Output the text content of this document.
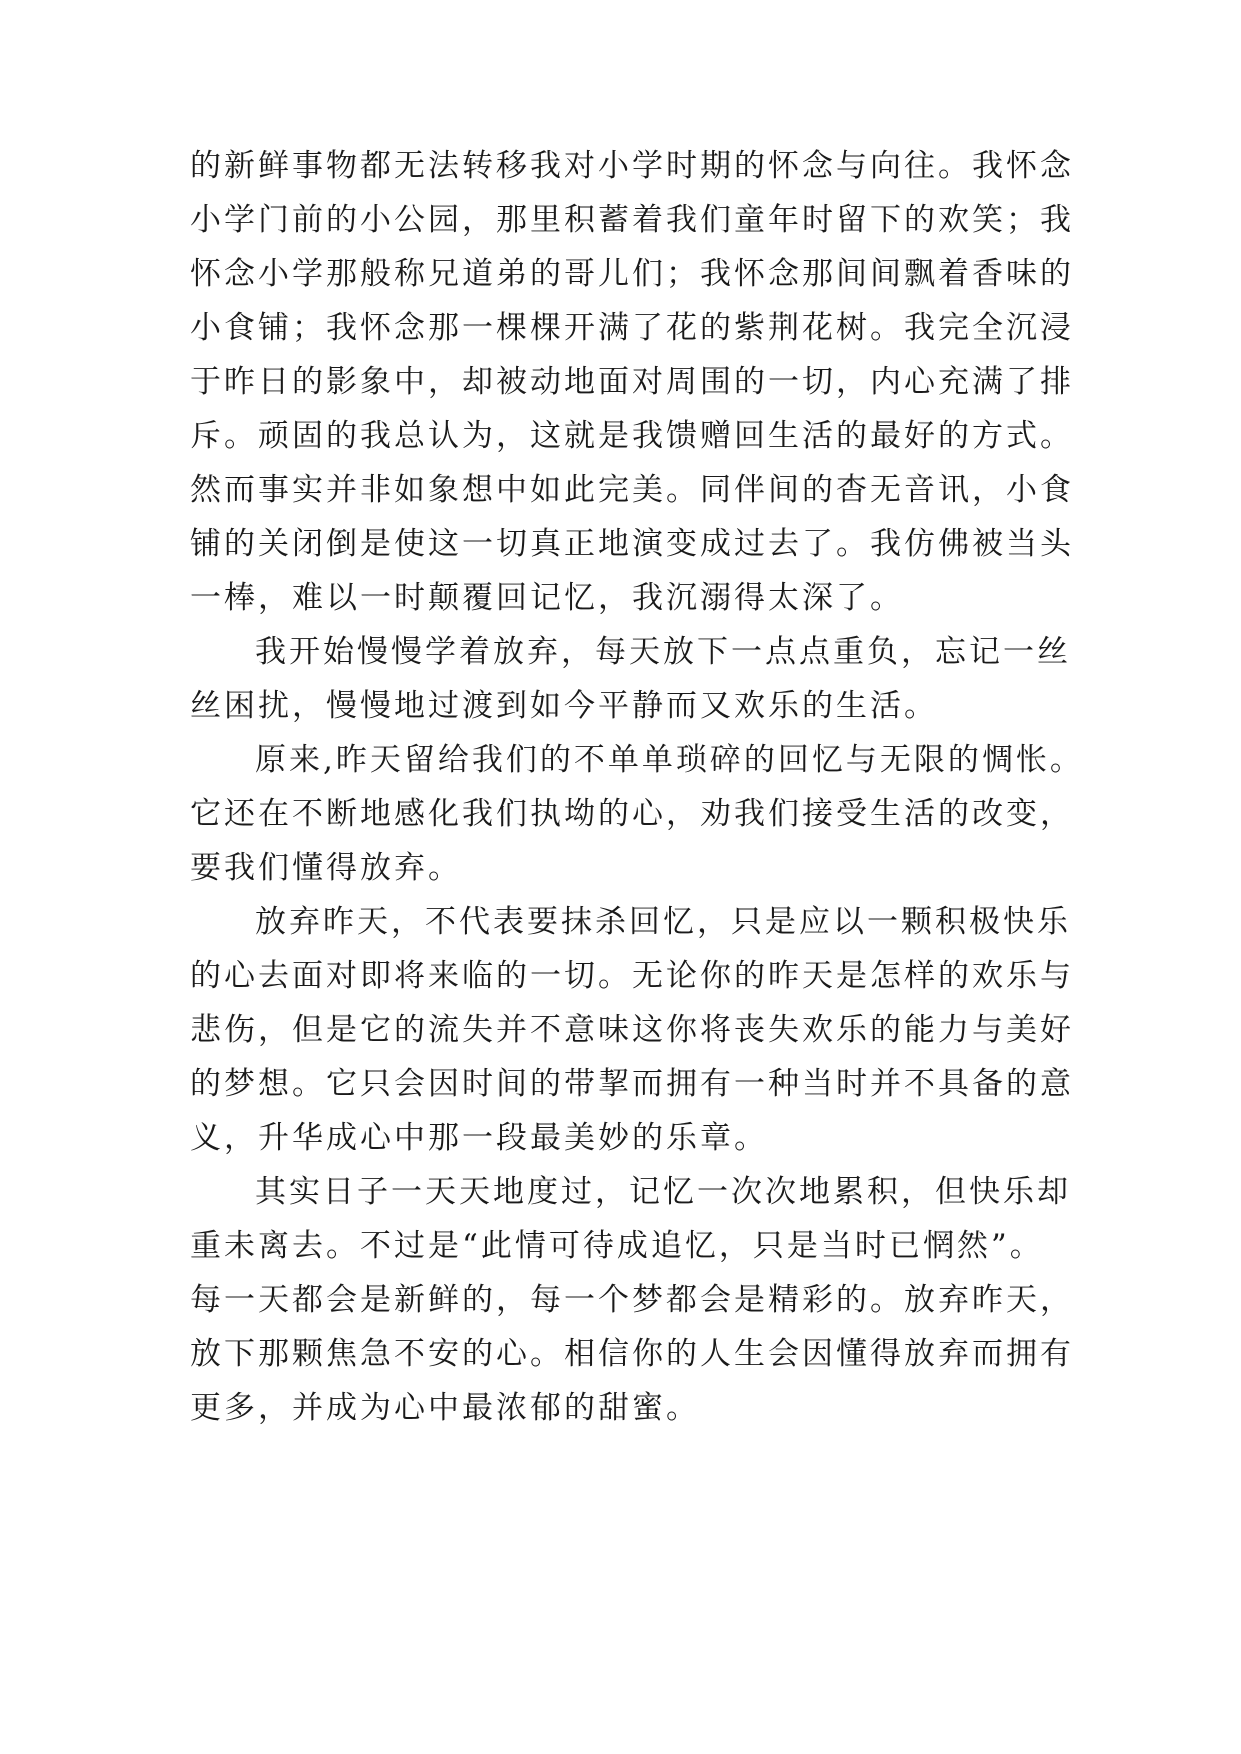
的新鲜事物都无法转移我对小学时期的怀念与向往。我怀念
小学门前的小公园，那里积蓄着我们童年时留下的欢笑；我
怀念小学那般称兄道弟的哥儿们；我怀念那间间飘着香味的
小食铺；我怀念那一棵棵开满了花的紫荆花树。我完全沉浸
于昨日的影象中，却被动地面对周围的一切，内心充满了排
斥。顽固的我总认为，这就是我馈赠回生活的最好的方式。
然而事实并非如象想中如此完美。同伴间的杳无音讯，小食
铺的关闭倒是使这一切真正地演变成过去了。我仿佛被当头
一棒，难以一时颠覆回记忆，我沉溺得太深了。
我开始慢慢学着放弃，每天放下一点点重负，忘记一丝
丝困扰，慢慢地过渡到如今平静而又欢乐的生活。
原来,昨天留给我们的不单单琐碎的回忆与无限的惆怅。
它还在不断地感化我们执坳的心，劝我们接受生活的改变，
要我们懂得放弃。
放弃昨天，不代表要抹杀回忆，只是应以一颗积极快乐
的心去面对即将来临的一切。无论你的昨天是怎样的欢乐与
悲伤，但是它的流失并不意味这你将丧失欢乐的能力与美好
的梦想。它只会因时间的带挈而拥有一种当时并不具备的意
义，升华成心中那一段最美妙的乐章。
其实日子一天天地度过，记忆一次次地累积，但快乐却
重未离去。不过是“此情可待成追忆，只是当时已惘然”。
每一天都会是新鲜的，每一个梦都会是精彩的。放弃昨天，
放下那颗焦急不安的心。相信你的人生会因懂得放弃而拥有
更多，并成为心中最浓郁的甜蜜。
